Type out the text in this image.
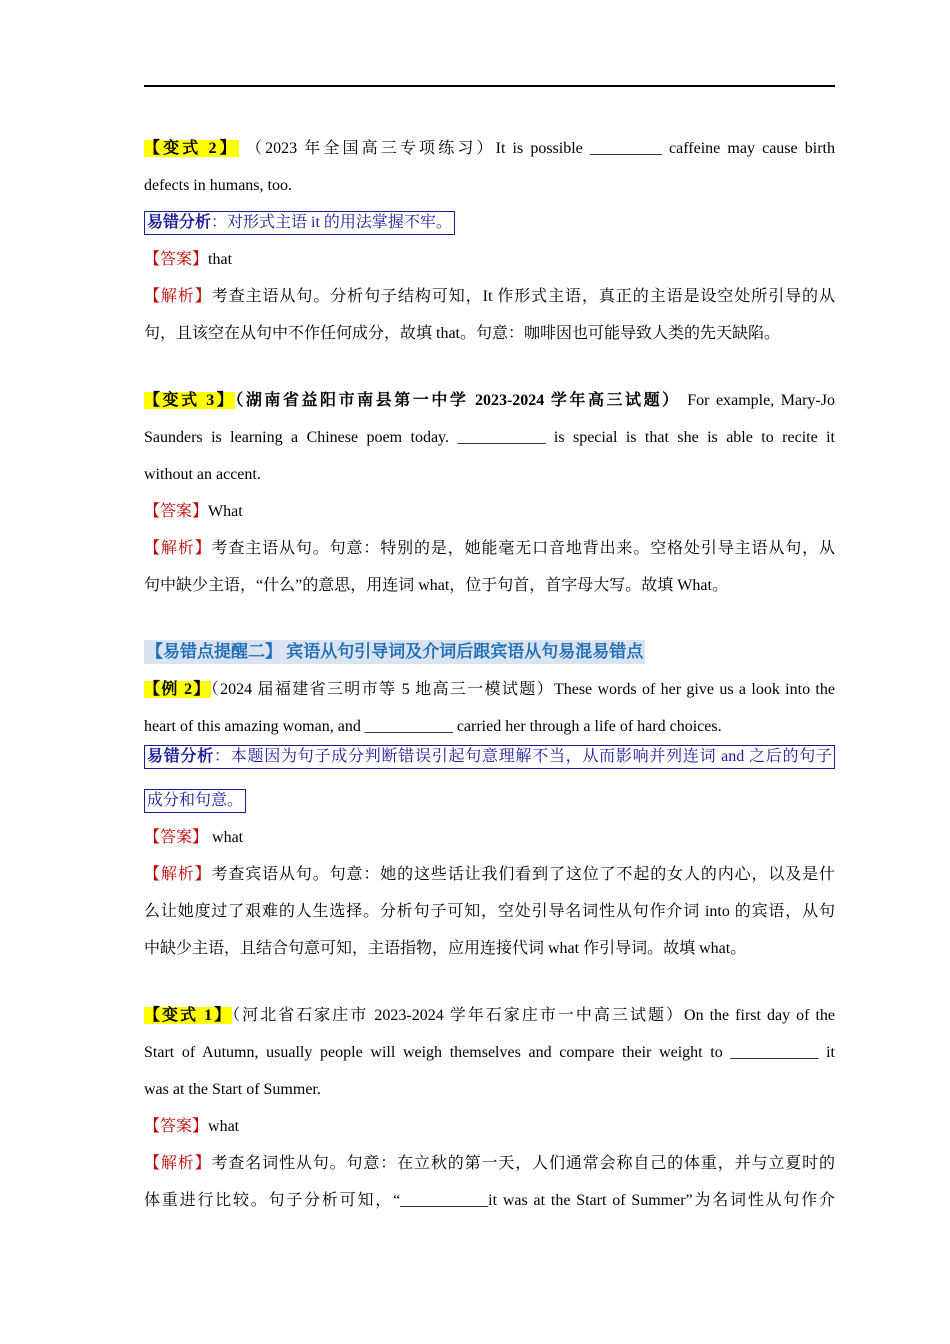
【变式 2】 （2023 年全国高三专项练习）It is possible _________ caffeine may cause birth
defects in humans, too.
易错分析：对形式主语 it 的用法掌握不牢。
【答案】that
【解析】考查主语从句。分析句子结构可知，It 作形式主语，真正的主语是设空处所引导的从
句，且该空在从句中不作任何成分，故填 that。句意：咖啡因也可能导致人类的先天缺陷。
【变式 3】（湖南省益阳市南县第一中学 2023-2024 学年高三试题） For example, Mary-Jo
Saunders is learning a Chinese poem today. ___________ is special is that she is able to recite it
without an accent.
【答案】What
【解析】考查主语从句。句意：特别的是，她能毫无口音地背出来。空格处引导主语从句，从
句中缺少主语，“什么”的意思，用连词 what，位于句首，首字母大写。故填 What。
【易错点提醒二】 宾语从句引导词及介词后跟宾语从句易混易错点
【例 2】（2024 届福建省三明市等 5 地高三一模试题）These words of her give us a look into the
heart of this amazing woman, and ___________ carried her through a life of hard choices.
易错分析：本题因为句子成分判断错误引起句意理解不当，从而影响并列连词 and 之后的句子
成分和句意。
【答案】 what
【解析】考查宾语从句。句意：她的这些话让我们看到了这位了不起的女人的内心，以及是什
么让她度过了艰难的人生选择。分析句子可知，空处引导名词性从句作介词 into 的宾语，从句
中缺少主语，且结合句意可知，主语指物，应用连接代词 what 作引导词。故填 what。
【变式 1】（河北省石家庄市 2023-2024 学年石家庄市一中高三试题）On the first day of the
Start of Autumn, usually people will weigh themselves and compare their weight to ___________ it
was at the Start of Summer.
【答案】what
【解析】考查名词性从句。句意：在立秋的第一天，人们通常会称自己的体重，并与立夏时的
体重进行比较。句子分析可知，“___________it was at the Start of Summer”为名词性从句作介
